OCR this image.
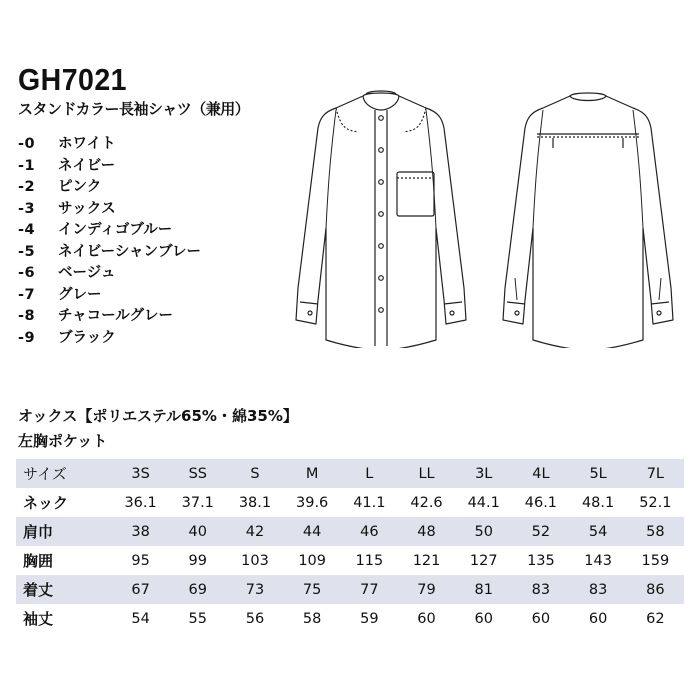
GH7021
スタンドカラー長袖シャツ（兼用）
-0 ホワイト
-1 ネイビー
-2 ピンク
-3 サックス
-4 インディゴブルー
-5 ネイビーシャンブレー
-6 ベージュ
-7 グレー
-8 チャコールグレー
-9 ブラック
オックス【ポリエステル65%・綿35%】
左胸ポケット
サイズ	3S	SS	S	M	L	LL	3L	4L	5L	7L
ネック	36.1	37.1	38.1	39.6	41.1	42.6	44.1	46.1	48.1	52.1
肩巾	38	40	42	44	46	48	50	52	54	58
胸囲	95	99	103	109	115	121	127	135	143	159
着丈	67	69	73	75	77	79	81	83	83	86
袖丈	54	55	56	58	59	60	60	60	60	62
